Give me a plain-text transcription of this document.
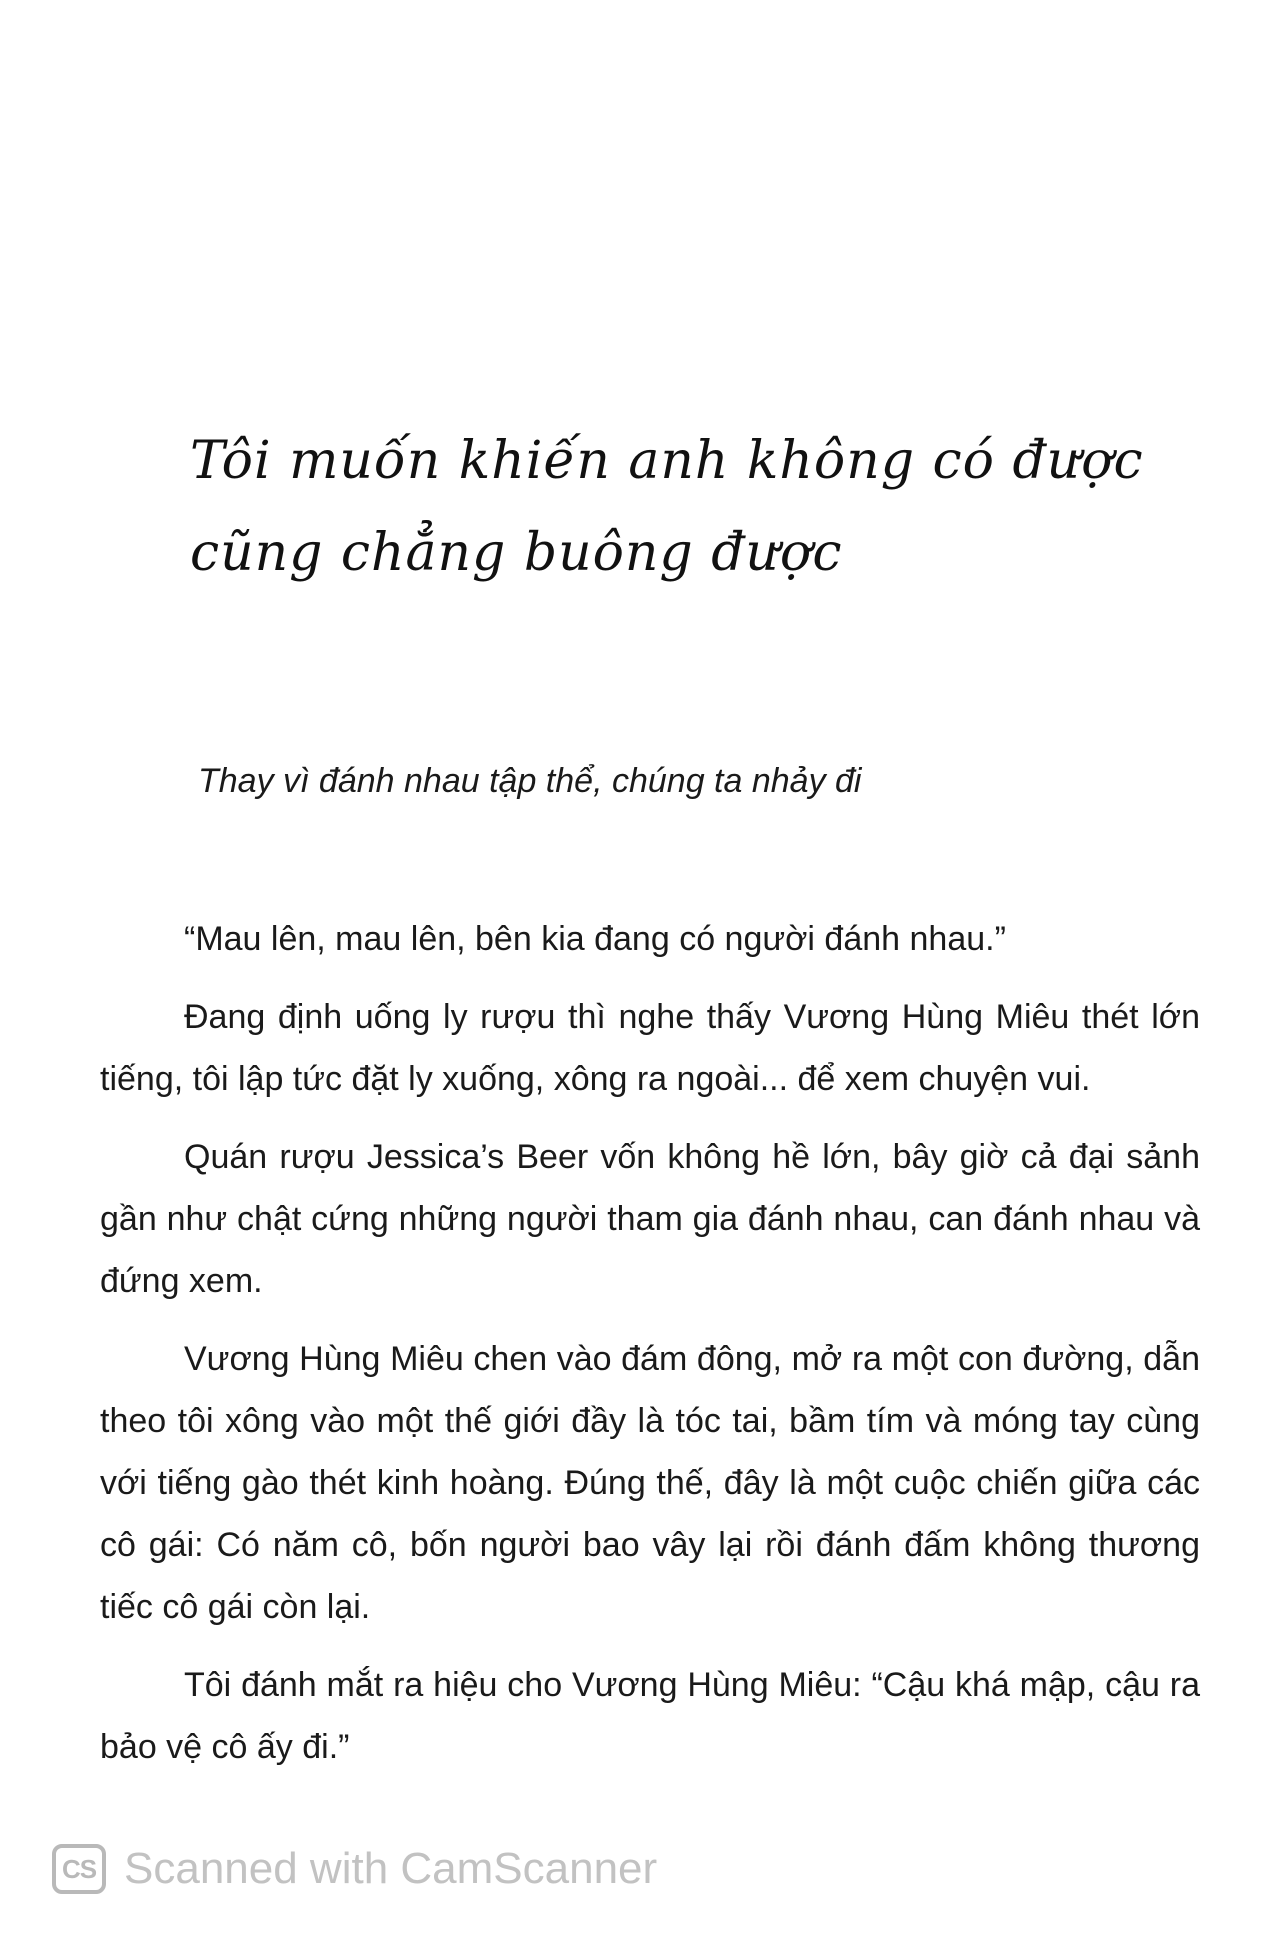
Tôi muốn khiến anh không có được
cũng chẳng buông được
Thay vì đánh nhau tập thể, chúng ta nhảy đi

“Mau lên, mau lên, bên kia đang có người đánh nhau.”

Đang định uống ly rượu thì nghe thấy Vương Hùng Miêu thét lớn tiếng, tôi lập tức đặt ly xuống, xông ra ngoài... để xem chuyện vui.

Quán rượu Jessica’s Beer vốn không hề lớn, bây giờ cả đại sảnh gần như chật cứng những người tham gia đánh nhau, can đánh nhau và đứng xem.

Vương Hùng Miêu chen vào đám đông, mở ra một con đường, dẫn theo tôi xông vào một thế giới đầy là tóc tai, bầm tím và móng tay cùng với tiếng gào thét kinh hoàng. Đúng thế, đây là một cuộc chiến giữa các cô gái: Có năm cô, bốn người bao vây lại rồi đánh đấm không thương tiếc cô gái còn lại.

Tôi đánh mắt ra hiệu cho Vương Hùng Miêu: “Cậu khá mập, cậu ra bảo vệ cô ấy đi.”

CS Scanned with CamScanner
